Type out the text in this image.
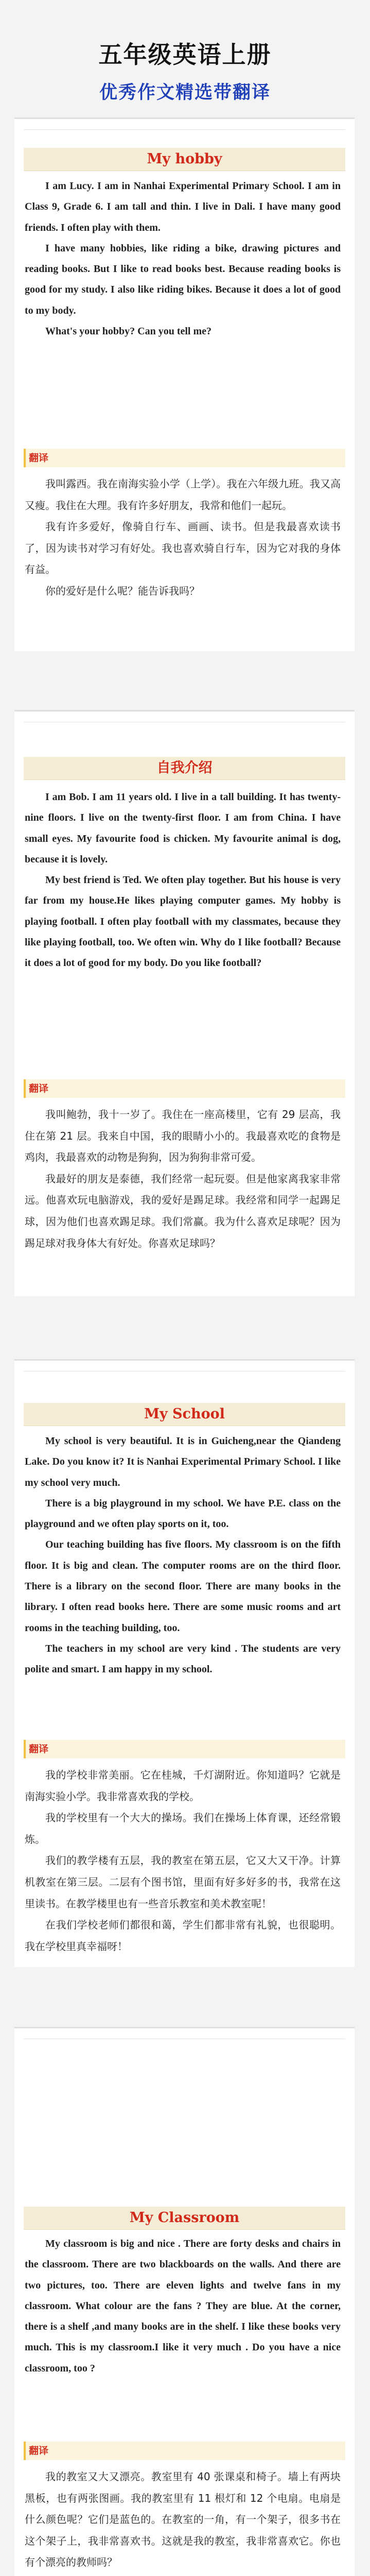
五年级英语上册
优秀作文精选带翻译
My hobby

I am Lucy. I am in Nanhai Experimental Primary School. I am in Class 9, Grade 6. I am tall and thin. I live in Dali. I have many good friends. I often play with them.

I have many hobbies, like riding a bike, drawing pictures and reading books. But I like to read books best. Because reading books is good for my study. I also like riding bikes. Because it does a lot of good to my body.

What's your hobby? Can you tell me?

翻译

我叫露西。我在南海实验小学（上学）。我在六年级九班。我又高又瘦。我住在大理。我有许多好朋友，我常和他们一起玩。

我有许多爱好，像骑自行车、画画、读书。但是我最喜欢读书了，因为读书对学习有好处。我也喜欢骑自行车，因为它对我的身体有益。

你的爱好是什么呢？能告诉我吗？

自我介绍

I am Bob. I am 11 years old. I live in a tall building. It has twenty-nine floors. I live on the twenty-first floor. I am from China. I have small eyes. My favourite food is chicken. My favourite animal is dog, because it is lovely.

My best friend is Ted. We often play together. But his house is very far from my house.He likes playing computer games. My hobby is playing football. I often play football with my classmates, because they like playing football, too. We often win. Why do I like football? Because it does a lot of good for my body. Do you like football?

翻译

我叫鲍勃，我十一岁了。我住在一座高楼里，它有 29 层高，我住在第 21 层。我来自中国，我的眼睛小小的。我最喜欢吃的食物是鸡肉，我最喜欢的动物是狗狗，因为狗狗非常可爱。

我最好的朋友是泰德，我们经常一起玩耍。但是他家离我家非常远。他喜欢玩电脑游戏，我的爱好是踢足球。我经常和同学一起踢足球，因为他们也喜欢踢足球。我们常赢。我为什么喜欢足球呢？因为踢足球对我身体大有好处。你喜欢足球吗？

My School

My school is very beautiful. It is in Guicheng,near the Qiandeng Lake. Do you know it? It is Nanhai Experimental Primary School. I like my school very much.

There is a big playground in my school. We have P.E. class on the playground and we often play sports on it, too.

Our teaching building has five floors. My classroom is on the fifth floor. It is big and clean. The computer rooms are on the third floor. There is a library on the second floor. There are many books in the library. I often read books here. There are some music rooms and art rooms in the teaching building, too.

The teachers in my school are very kind . The students are very polite and smart. I am happy in my school.

翻译

我的学校非常美丽。它在桂城，千灯湖附近。你知道吗？它就是南海实验小学。我非常喜欢我的学校。

我的学校里有一个大大的操场。我们在操场上体育课，还经常锻炼。

我们的教学楼有五层，我的教室在第五层，它又大又干净。计算机教室在第三层。二层有个图书馆，里面有好多好多的书，我常在这里读书。在教学楼里也有一些音乐教室和美术教室呢！

在我们学校老师们都很和蔼，学生们都非常有礼貌，也很聪明。我在学校里真幸福呀！

My Classroom

My classroom is big and nice . There are forty desks and chairs in the classroom. There are two blackboards on the walls. And there are two pictures, too. There are eleven lights and twelve fans in my classroom. What colour are the fans ? They are blue. At the corner, there is a shelf ,and many books are in the shelf. I like these books very much. This is my classroom.I like it very much . Do you have a nice classroom, too ?

翻译

我的教室又大又漂亮。教室里有 40 张课桌和椅子。墙上有两块黑板，也有两张图画。我的教室里有 11 根灯和 12 个电扇。电扇是什么颜色呢？它们是蓝色的。在教室的一角，有一个架子，很多书在这个架子上，我非常喜欢书。这就是我的教室，我非常喜欢它。你也有个漂亮的教师吗？
